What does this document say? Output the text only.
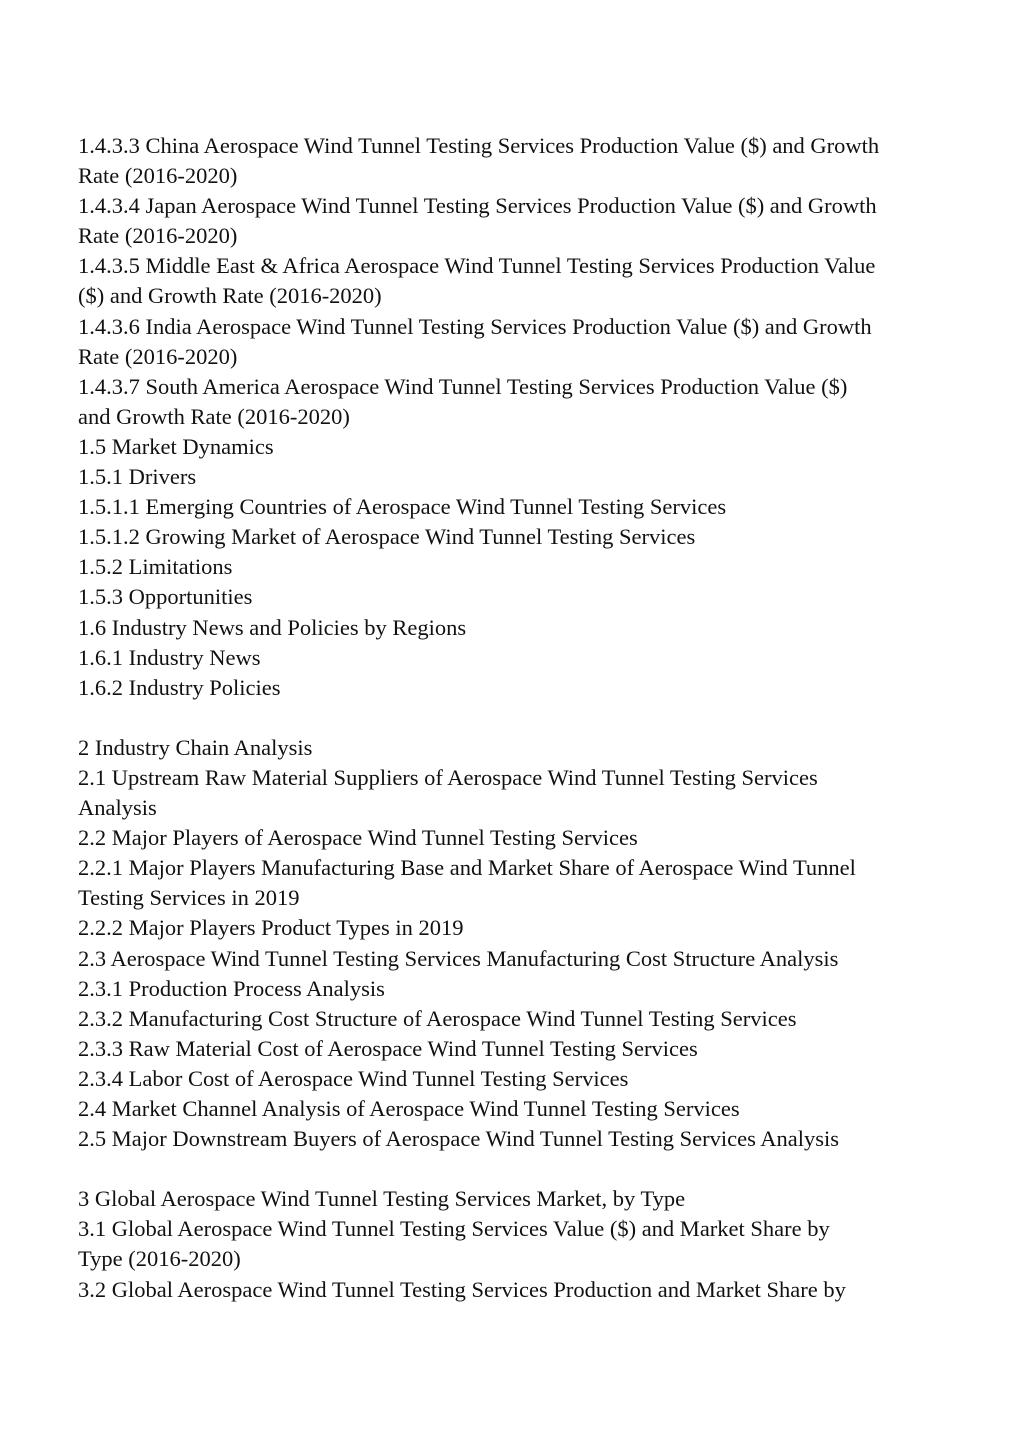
1.4.3.3 China Aerospace Wind Tunnel Testing Services Production Value ($) and Growth

Rate (2016-2020)

1.4.3.4 Japan Aerospace Wind Tunnel Testing Services Production Value ($) and Growth

Rate (2016-2020)

1.4.3.5 Middle East & Africa Aerospace Wind Tunnel Testing Services Production Value

($) and Growth Rate (2016-2020)

1.4.3.6 India Aerospace Wind Tunnel Testing Services Production Value ($) and Growth

Rate (2016-2020)

1.4.3.7 South America Aerospace Wind Tunnel Testing Services Production Value ($)

and Growth Rate (2016-2020)

1.5 Market Dynamics

1.5.1 Drivers

1.5.1.1 Emerging Countries of Aerospace Wind Tunnel Testing Services

1.5.1.2 Growing Market of Aerospace Wind Tunnel Testing Services

1.5.2 Limitations

1.5.3 Opportunities

1.6 Industry News and Policies by Regions

1.6.1 Industry News

1.6.2 Industry Policies

2 Industry Chain Analysis

2.1 Upstream Raw Material Suppliers of Aerospace Wind Tunnel Testing Services

Analysis

2.2 Major Players of Aerospace Wind Tunnel Testing Services

2.2.1 Major Players Manufacturing Base and Market Share of Aerospace Wind Tunnel

Testing Services in 2019

2.2.2 Major Players Product Types in 2019

2.3 Aerospace Wind Tunnel Testing Services Manufacturing Cost Structure Analysis

2.3.1 Production Process Analysis

2.3.2 Manufacturing Cost Structure of Aerospace Wind Tunnel Testing Services

2.3.3 Raw Material Cost of Aerospace Wind Tunnel Testing Services

2.3.4 Labor Cost of Aerospace Wind Tunnel Testing Services

2.4 Market Channel Analysis of Aerospace Wind Tunnel Testing Services

2.5 Major Downstream Buyers of Aerospace Wind Tunnel Testing Services Analysis

3 Global Aerospace Wind Tunnel Testing Services Market, by Type

3.1 Global Aerospace Wind Tunnel Testing Services Value ($) and Market Share by

Type (2016-2020)

3.2 Global Aerospace Wind Tunnel Testing Services Production and Market Share by
